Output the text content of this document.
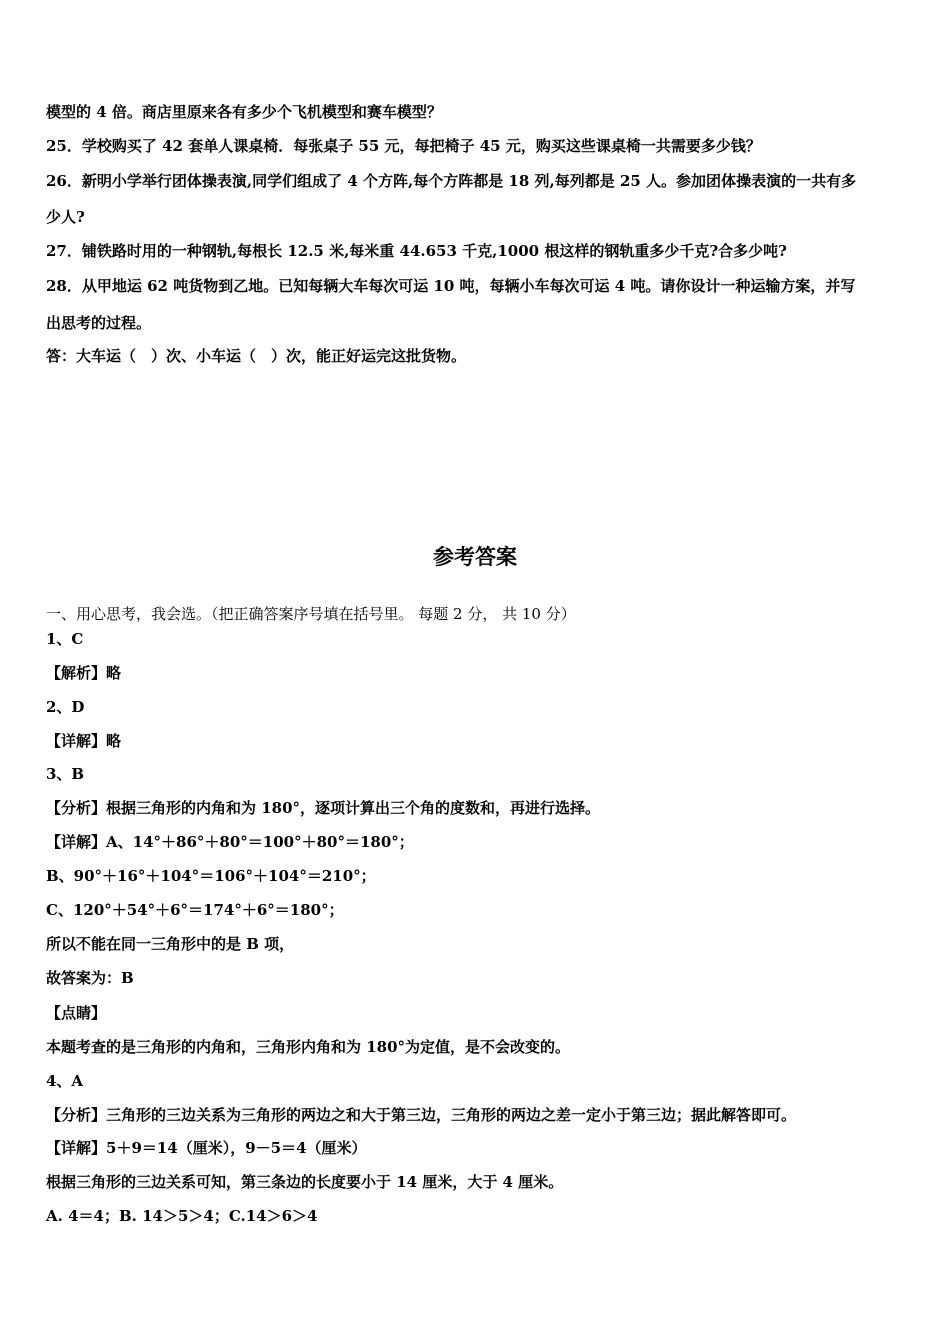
模型的 4 倍。商店里原来各有多少个飞机模型和赛车模型？
25．学校购买了 42 套单人课桌椅．每张桌子 55 元，每把椅子 45 元，购买这些课桌椅一共需要多少钱？
26．新明小学举行团体操表演,同学们组成了 4 个方阵,每个方阵都是 18 列,每列都是 25 人。参加团体操表演的一共有多
少人?
27．铺铁路时用的一种钢轨,每根长 12.5 米,每米重 44.653 千克,1000 根这样的钢轨重多少千克?合多少吨?
28．从甲地运 62 吨货物到乙地。已知每辆大车每次可运 10 吨，每辆小车每次可运 4 吨。请你设计一种运输方案，并写
出思考的过程。
答：大车运（　）次、小车运（　）次，能正好运完这批货物。
参考答案
一、用心思考，我会选。（把正确答案序号填在括号里。 每题 2 分， 共 10 分）
1、C
【解析】略
2、D
【详解】略
3、B
【分析】根据三角形的内角和为 180°，逐项计算出三个角的度数和，再进行选择。
【详解】A、14°＋86°＋80°＝100°＋80°＝180°；
B、90°＋16°＋104°＝106°＋104°＝210°；
C、120°＋54°＋6°＝174°＋6°＝180°；
所以不能在同一三角形中的是 B 项，
故答案为：B
【点睛】
本题考查的是三角形的内角和，三角形内角和为 180°为定值，是不会改变的。
4、A
【分析】三角形的三边关系为三角形的两边之和大于第三边，三角形的两边之差一定小于第三边；据此解答即可。
【详解】5＋9＝14（厘米），9－5＝4（厘米）
根据三角形的三边关系可知，第三条边的长度要小于 14 厘米，大于 4 厘米。
A. 4＝4；B. 14＞5＞4；C.14＞6＞4
